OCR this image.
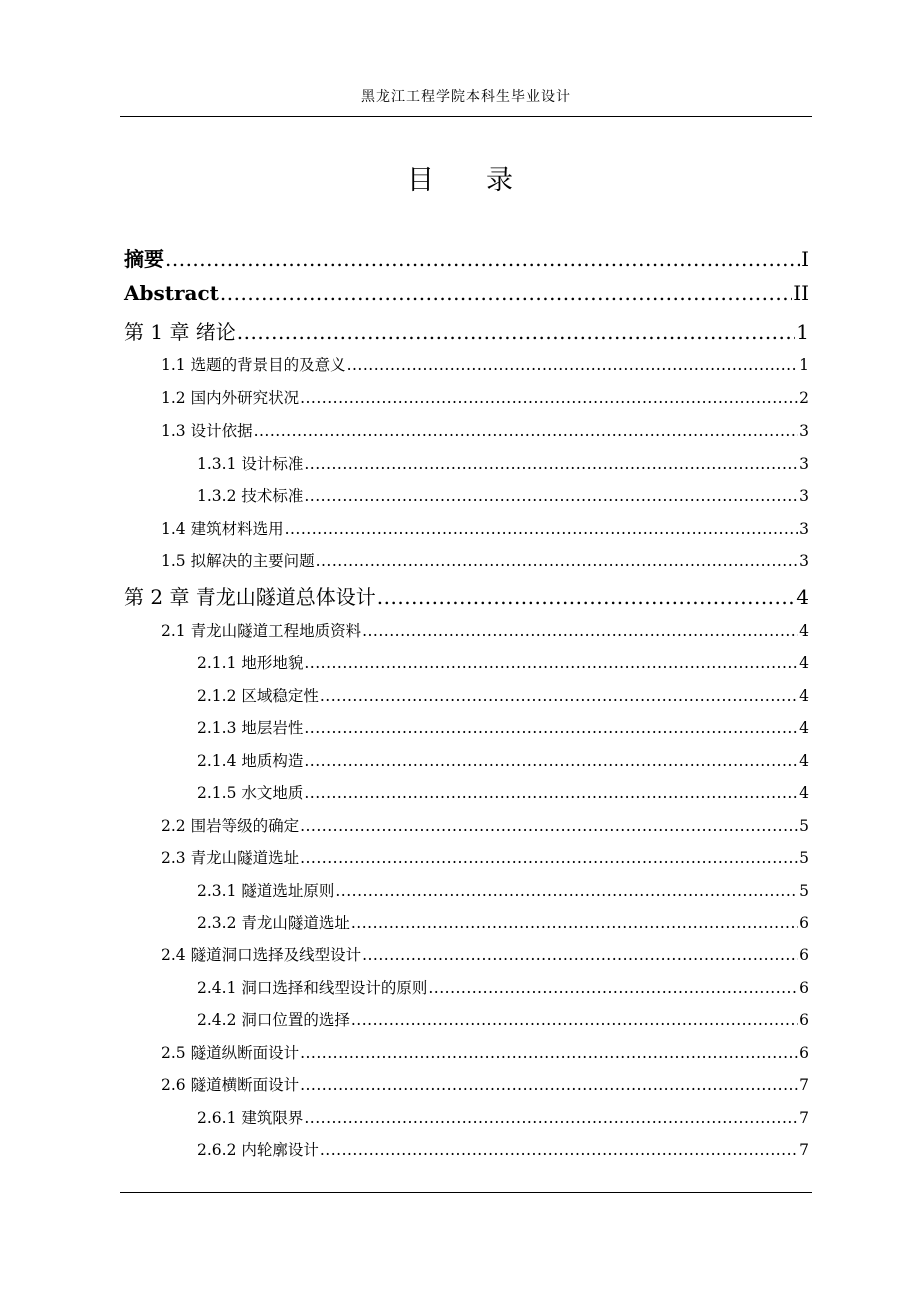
黑龙江工程学院本科生毕业设计
目 录
摘要 .....	I
Abstract .....	II
第 1 章 绪论 .....	1
1.1 选题的背景目的及意义 .....	1
1.2 国内外研究状况 .....	2
1.3 设计依据 .....	3
1.3.1 设计标准 .....	3
1.3.2 技术标准 .....	3
1.4 建筑材料选用 .....	3
1.5 拟解决的主要问题 .....	3
第 2 章 青龙山隧道总体设计 .....	4
2.1 青龙山隧道工程地质资料 .....	4
2.1.1 地形地貌 .....	4
2.1.2 区域稳定性 .....	4
2.1.3 地层岩性 .....	4
2.1.4 地质构造 .....	4
2.1.5 水文地质 .....	4
2.2 围岩等级的确定 .....	5
2.3 青龙山隧道选址 .....	5
2.3.1 隧道选址原则 .....	5
2.3.2 青龙山隧道选址 .....	6
2.4 隧道洞口选择及线型设计 .....	6
2.4.1 洞口选择和线型设计的原则 .....	6
2.4.2 洞口位置的选择 .....	6
2.5 隧道纵断面设计 .....	6
2.6 隧道横断面设计 .....	7
2.6.1 建筑限界 .....	7
2.6.2 内轮廓设计 .....	7
